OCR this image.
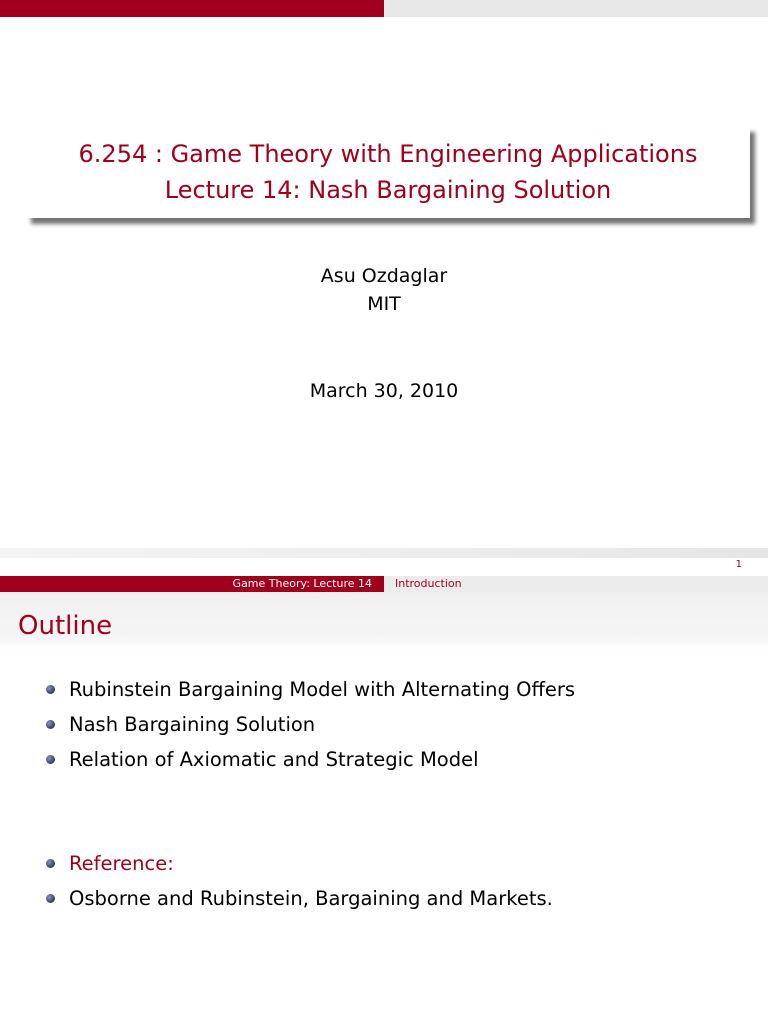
6.254 : Game Theory with Engineering Applications
Lecture 14: Nash Bargaining Solution
Asu Ozdaglar
MIT
March 30, 2010
1
Game Theory: Lecture 14	Introduction
Outline
Rubinstein Bargaining Model with Alternating Offers
Nash Bargaining Solution
Relation of Axiomatic and Strategic Model
Reference:
Osborne and Rubinstein, Bargaining and Markets.
